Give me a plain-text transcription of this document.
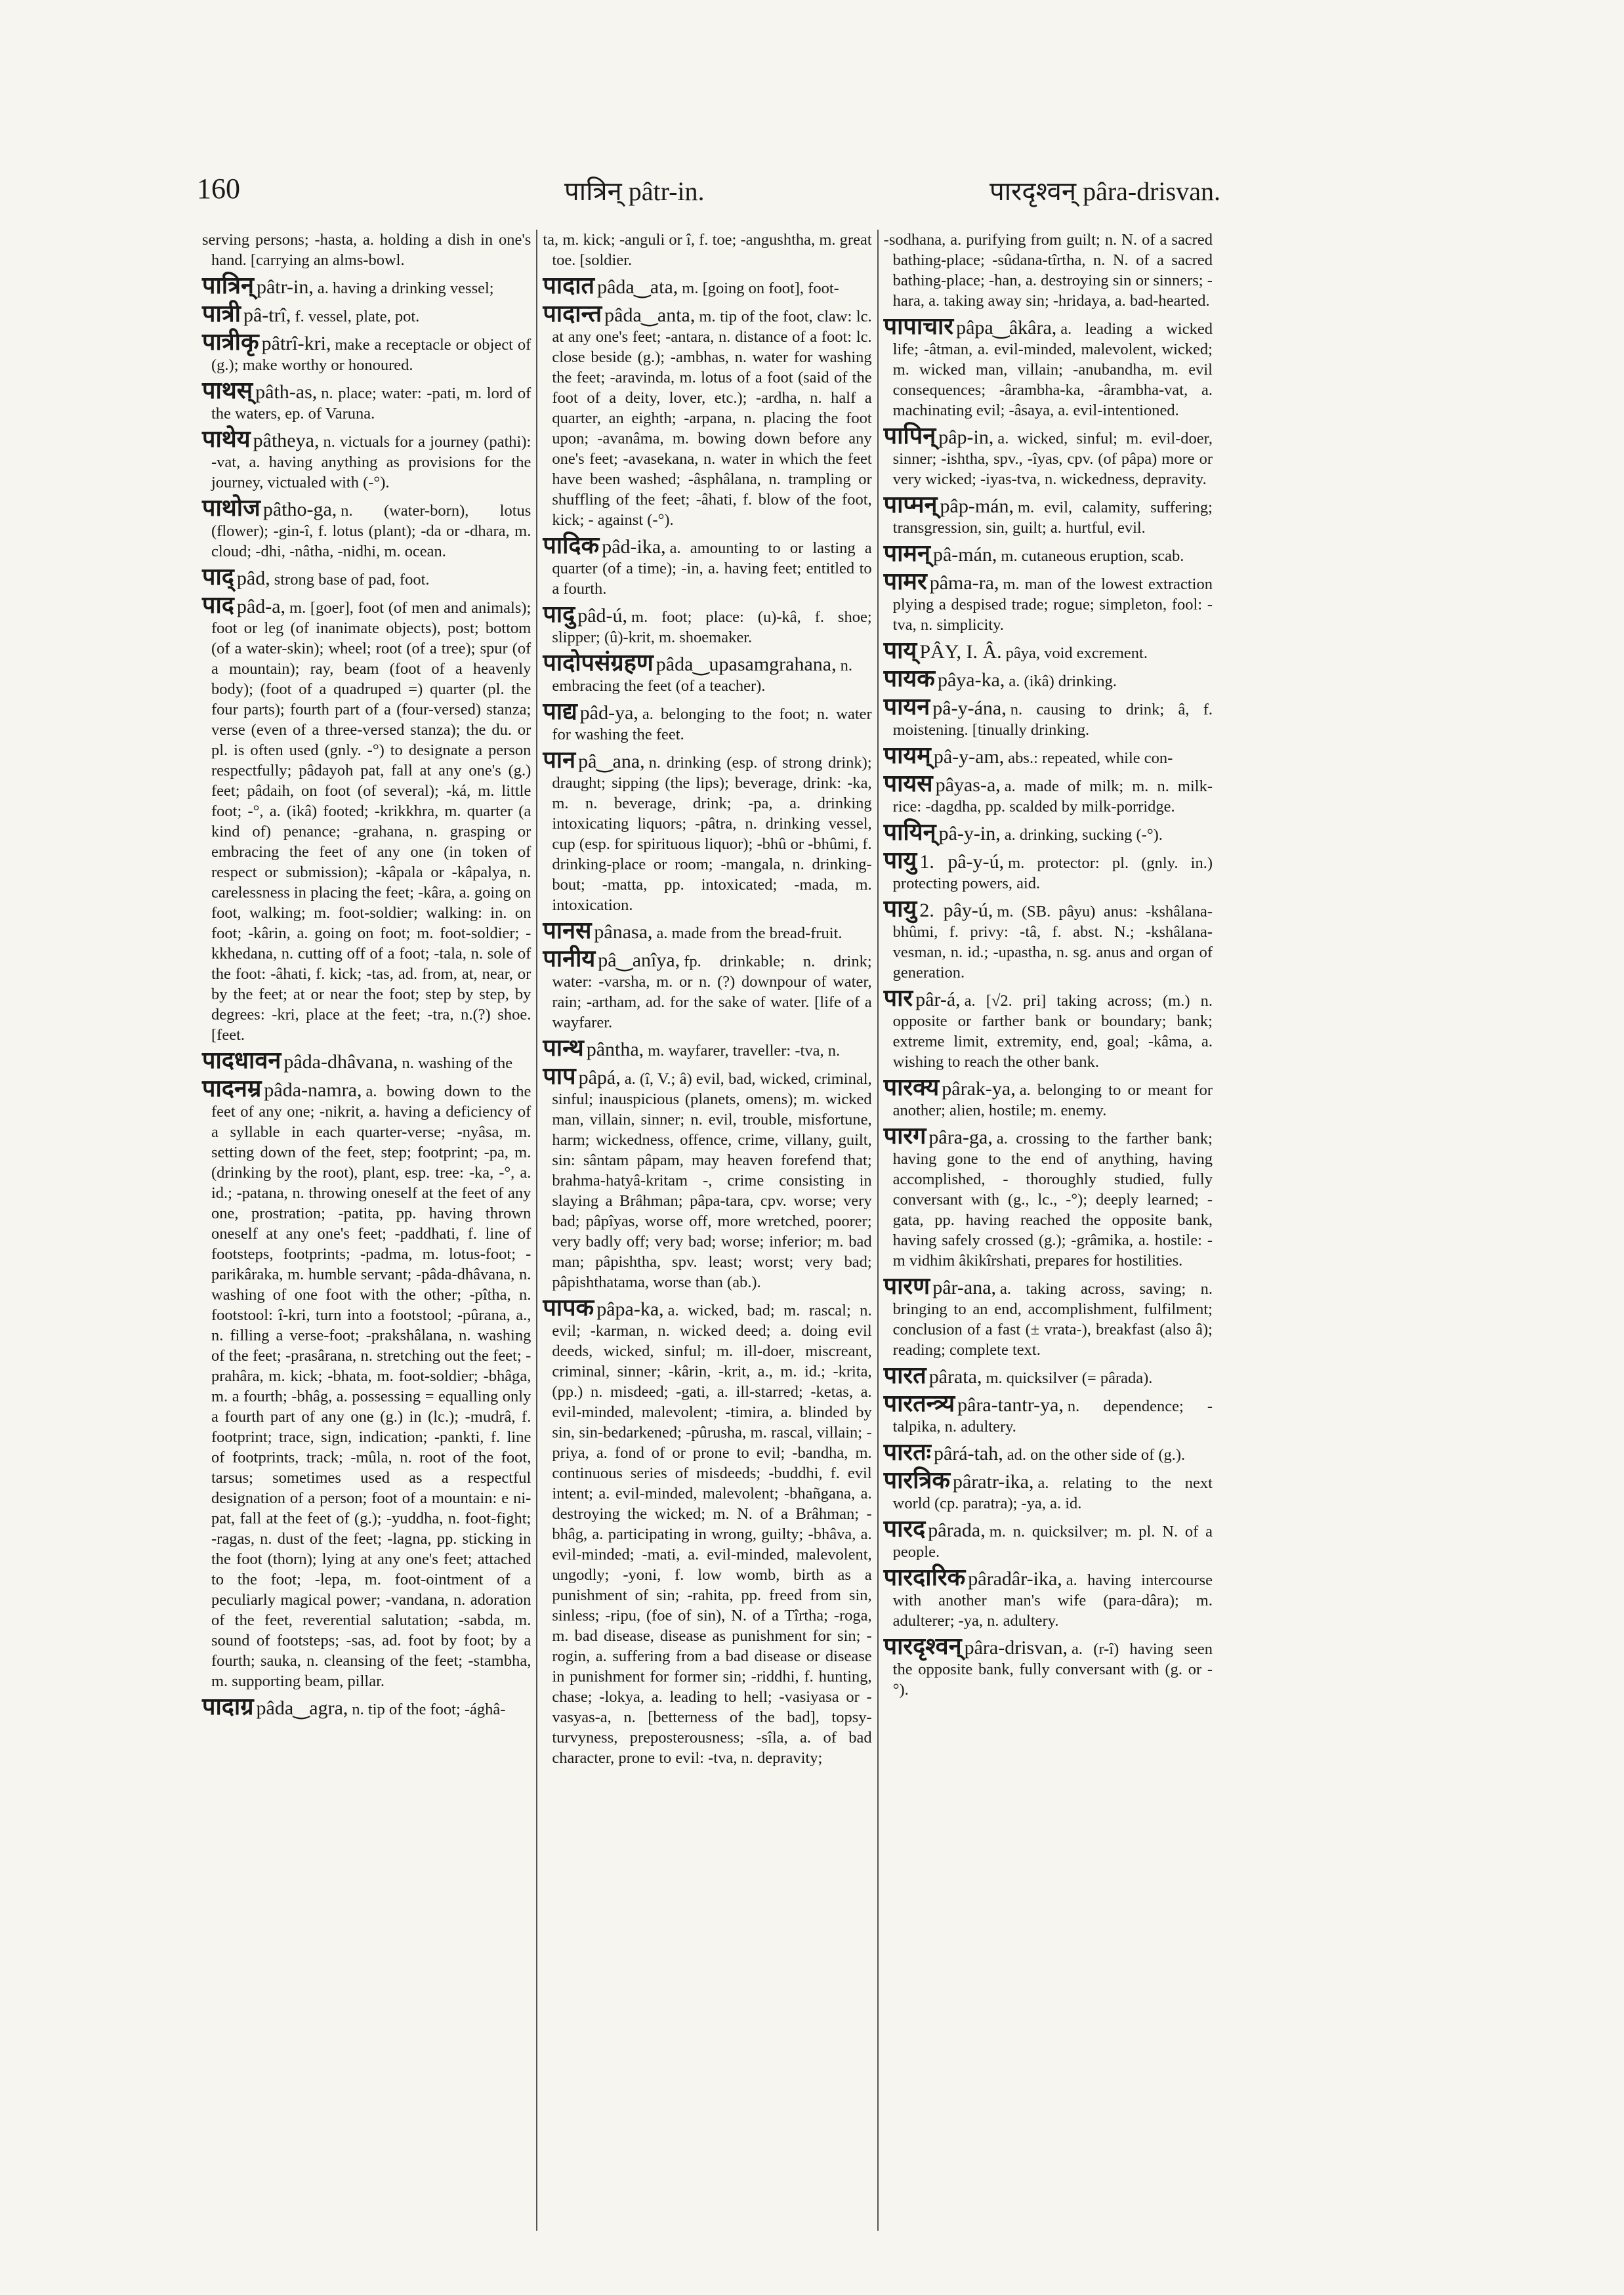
160	पात्रिन् pâtr-in.	पारदृश्वन् pâra-drisvan.

serving persons; -hasta, a. holding a dish in one's hand. [carrying an alms-bowl.

पात्रिन् pâtr-in, a. having a drinking vessel;

पात्री pâ-trî, f. vessel, plate, pot.

पात्रीकृ pâtrî-kri, make a receptacle or object of (g.); make worthy or honoured.

पाथस् pâth-as, n. place; water: -pati, m. lord of the waters, ep. of Varuna.

पाथेय pâtheya, n. victuals for a journey (pathi): -vat, a. having anything as provisions for the journey, victualed with (-°).

पाथोज pâtho-ga, n. (water-born), lotus (flower); -gin-î, f. lotus (plant); -da or -dhara, m. cloud; -dhi, -nâtha, -nidhi, m. ocean.

पाद् pâd, strong base of pad, foot.

पाद pâd-a, m. [goer], foot (of men and animals); foot or leg (of inanimate objects), post; bottom (of a water-skin); wheel; root (of a tree); spur (of a mountain); ray, beam (foot of a heavenly body); (foot of a quadruped =) quarter (pl. the four parts); fourth part of a (four-versed) stanza; verse (even of a three-versed stanza); the du. or pl. is often used (gnly. -°) to designate a person respectfully; pâdayoh pat, fall at any one's (g.) feet; pâdaih, on foot (of several); -ká, m. little foot; -°, a. (ikâ) footed; -krikkhra, m. quarter (a kind of) penance; -grahana, n. grasping or embracing the feet of any one (in token of respect or submission); -kâpala or -kâpalya, n. carelessness in placing the feet; -kâra, a. going on foot, walking; m. foot-soldier; walking: in. on foot; -kârin, a. going on foot; m. foot-soldier; -kkhedana, n. cutting off of a foot; -tala, n. sole of the foot: -âhati, f. kick; -tas, ad. from, at, near, or by the feet; at or near the foot; step by step, by degrees: -kri, place at the feet; -tra, n.(?) shoe. [feet.

पादधावन pâda-dhâvana, n. washing of the

पादनम्र pâda-namra, a. bowing down to the feet of any one; -nikrit, a. having a deficiency of a syllable in each quarter-verse; -nyâsa, m. setting down of the feet, step; footprint; -pa, m. (drinking by the root), plant, esp. tree: -ka, -°, a. id.; -patana, n. throwing oneself at the feet of any one, prostration; -patita, pp. having thrown oneself at any one's feet; -paddhati, f. line of footsteps, footprints; -padma, m. lotus-foot; -parikâraka, m. humble servant; -pâda-dhâvana, n. washing of one foot with the other; -pîtha, n. footstool: î-kri, turn into a footstool; -pûrana, a., n. filling a verse-foot; -prakshâlana, n. washing of the feet; -prasârana, n. stretching out the feet; -prahâra, m. kick; -bhata, m. foot-soldier; -bhâga, m. a fourth; -bhâg, a. possessing = equalling only a fourth part of any one (g.) in (lc.); -mudrâ, f. footprint; trace, sign, indication; -pankti, f. line of footprints, track; -mûla, n. root of the foot, tarsus; sometimes used as a respectful designation of a person; foot of a mountain: e ni-pat, fall at the feet of (g.); -yuddha, n. foot-fight; -ragas, n. dust of the feet; -lagna, pp. sticking in the foot (thorn); lying at any one's feet; attached to the foot; -lepa, m. foot-ointment of a peculiarly magical power; -vandana, n. adoration of the feet, reverential salutation; -sabda, m. sound of footsteps; -sas, ad. foot by foot; by a fourth; sauka, n. cleansing of the feet; -stambha, m. supporting beam, pillar.

पादाग्र pâda‿agra, n. tip of the foot; -ághâ-

ta, m. kick; -anguli or î, f. toe; -angushtha, m. great toe. [soldier.

पादात pâda‿ata, m. [going on foot], foot-

पादान्त pâda‿anta, m. tip of the foot, claw: lc. at any one's feet; -antara, n. distance of a foot: lc. close beside (g.); -ambhas, n. water for washing the feet; -aravinda, m. lotus of a foot (said of the foot of a deity, lover, etc.); -ardha, n. half a quarter, an eighth; -arpana, n. placing the foot upon; -avanâma, m. bowing down before any one's feet; -avasekana, n. water in which the feet have been washed; -âsphâlana, n. trampling or shuffling of the feet; -âhati, f. blow of the foot, kick; - against (-°).

पादिक pâd-ika, a. amounting to or lasting a quarter (of a time); -in, a. having feet; entitled to a fourth.

पादु pâd-ú, m. foot; place: (u)-kâ, f. shoe; slipper; (û)-krit, m. shoemaker.

पादोपसंग्रहण pâda‿upasamgrahana, n. embracing the feet (of a teacher).

पाद्य pâd-ya, a. belonging to the foot; n. water for washing the feet.

पान pâ‿ana, n. drinking (esp. of strong drink); draught; sipping (the lips); beverage, drink: -ka, m. n. beverage, drink; -pa, a. drinking intoxicating liquors; -pâtra, n. drinking vessel, cup (esp. for spirituous liquor); -bhû or -bhûmi, f. drinking-place or room; -mangala, n. drinking-bout; -matta, pp. intoxicated; -mada, m. intoxication.

पानस pânasa, a. made from the bread-fruit.

पानीय pâ‿anîya, fp. drinkable; n. drink; water: -varsha, m. or n. (?) downpour of water, rain; -artham, ad. for the sake of water. [life of a wayfarer.

पान्थ pântha, m. wayfarer, traveller: -tva, n.

पाप pâpá, a. (î, V.; â) evil, bad, wicked, criminal, sinful; inauspicious (planets, omens); m. wicked man, villain, sinner; n. evil, trouble, misfortune, harm; wickedness, offence, crime, villany, guilt, sin: sântam pâpam, may heaven forefend that; brahma-hatyâ-kritam -, crime consisting in slaying a Brâhman; pâpa-tara, cpv. worse; very bad; pâpîyas, worse off, more wretched, poorer; very badly off; very bad; worse; inferior; m. bad man; pâpishtha, spv. least; worst; very bad; pâpishthatama, worse than (ab.).

पापक pâpa-ka, a. wicked, bad; m. rascal; n. evil; -karman, n. wicked deed; a. doing evil deeds, wicked, sinful; m. ill-doer, miscreant, criminal, sinner; -kârin, -krit, a., m. id.; -krita, (pp.) n. misdeed; -gati, a. ill-starred; -ketas, a. evil-minded, malevolent; -timira, a. blinded by sin, sin-bedarkened; -pûrusha, m. rascal, villain; -priya, a. fond of or prone to evil; -bandha, m. continuous series of misdeeds; -buddhi, f. evil intent; a. evil-minded, malevolent; -bhañgana, a. destroying the wicked; m. N. of a Brâhman; -bhâg, a. participating in wrong, guilty; -bhâva, a. evil-minded; -mati, a. evil-minded, malevolent, ungodly; -yoni, f. low womb, birth as a punishment of sin; -rahita, pp. freed from sin, sinless; -ripu, (foe of sin), N. of a Tîrtha; -roga, m. bad disease, disease as punishment for sin; -rogin, a. suffering from a bad disease or disease in punishment for former sin; -riddhi, f. hunting, chase; -lokya, a. leading to hell; -vasiyasa or -vasyas-a, n. [betterness of the bad], topsy-turvyness, preposterousness; -sîla, a. of bad character, prone to evil: -tva, n. depravity;

-sodhana, a. purifying from guilt; n. N. of a sacred bathing-place; -sûdana-tîrtha, n. N. of a sacred bathing-place; -han, a. destroying sin or sinners; -hara, a. taking away sin; -hridaya, a. bad-hearted.

पापाचार pâpa‿âkâra, a. leading a wicked life; -âtman, a. evil-minded, malevolent, wicked; m. wicked man, villain; -anubandha, m. evil consequences; -ârambha-ka, -ârambha-vat, a. machinating evil; -âsaya, a. evil-intentioned.

पापिन् pâp-in, a. wicked, sinful; m. evil-doer, sinner; -ishtha, spv., -îyas, cpv. (of pâpa) more or very wicked; -iyas-tva, n. wickedness, depravity.

पाप्मन् pâp-mán, m. evil, calamity, suffering; transgression, sin, guilt; a. hurtful, evil.

पामन् pâ-mán, m. cutaneous eruption, scab.

पामर pâma-ra, m. man of the lowest extraction plying a despised trade; rogue; simpleton, fool: -tva, n. simplicity.

पाय् PÂY, I. Â. pâya, void excrement.

पायक pâya-ka, a. (ikâ) drinking.

पायन pâ-y-ána, n. causing to drink; â, f. moistening. [tinually drinking.

पायम् pâ-y-am, abs.: repeated, while con-

पायस pâyas-a, a. made of milk; m. n. milk-rice: -dagdha, pp. scalded by milk-porridge.

पायिन् pâ-y-in, a. drinking, sucking (-°).

पायु 1. pâ-y-ú, m. protector: pl. (gnly. in.) protecting powers, aid.

पायु 2. pây-ú, m. (SB. pâyu) anus: -kshâlana-bhûmi, f. privy: -tâ, f. abst. N.; -kshâlana-vesman, n. id.; -upastha, n. sg. anus and organ of generation.

पार pâr-á, a. [√2. pri] taking across; (m.) n. opposite or farther bank or boundary; bank; extreme limit, extremity, end, goal; -kâma, a. wishing to reach the other bank.

पारक्य pârak-ya, a. belonging to or meant for another; alien, hostile; m. enemy.

पारग pâra-ga, a. crossing to the farther bank; having gone to the end of anything, having accomplished, - thoroughly studied, fully conversant with (g., lc., -°); deeply learned; -gata, pp. having reached the opposite bank, having safely crossed (g.); -grâmika, a. hostile: -m vidhim âkikîrshati, prepares for hostilities.

पारण pâr-ana, a. taking across, saving; n. bringing to an end, accomplishment, fulfilment; conclusion of a fast (± vrata-), breakfast (also â); reading; complete text.

पारत pârata, m. quicksilver (= pârada).

पारतन्त्र्य pâra-tantr-ya, n. dependence; -talpika, n. adultery.

पारतः pârá-tah, ad. on the other side of (g.).

पारत्रिक pâratr-ika, a. relating to the next world (cp. paratra); -ya, a. id.

पारद pârada, m. n. quicksilver; m. pl. N. of a people.

पारदारिक pâradâr-ika, a. having intercourse with another man's wife (para-dâra); m. adulterer; -ya, n. adultery.

पारदृश्वन् pâra-drisvan, a. (r-î) having seen the opposite bank, fully conversant with (g. or -°).
